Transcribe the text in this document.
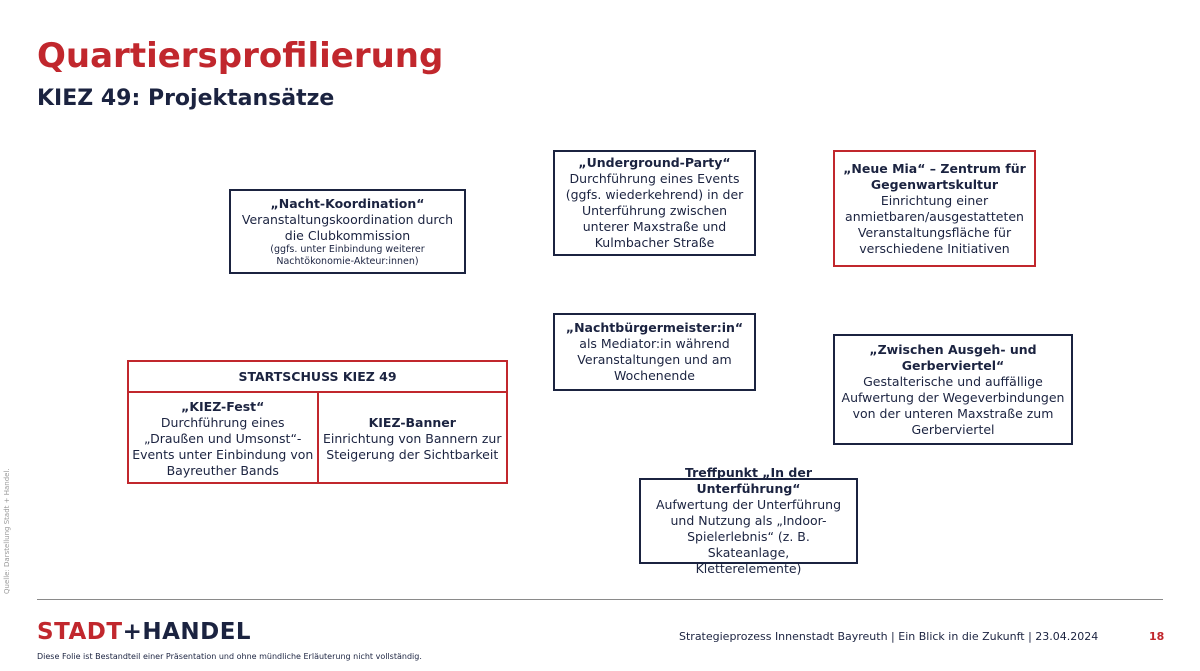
Quartiersprofilierung
KIEZ 49: Projektansätze
Quelle: Darstellung Stadt + Handel.
„Nacht-Koordination“
Veranstaltungskoordination durch
die Clubkommission
(ggfs. unter Einbindung weiterer
Nachtökonomie-Akteur:innen)
„Underground-Party“
Durchführung eines Events
(ggfs. wiederkehrend) in der
Unterführung zwischen
unterer Maxstraße und
Kulmbacher Straße
„Neue Mia“ – Zentrum für
Gegenwartskultur
Einrichtung einer
anmietbaren/ausgestatteten
Veranstaltungsfläche für
verschiedene Initiativen
„Nachtbürgermeister:in“
als Mediator:in während
Veranstaltungen und am
Wochenende
„Zwischen Ausgeh- und
Gerberviertel“
Gestalterische und auffällige
Aufwertung der Wegeverbindungen
von der unteren Maxstraße zum
Gerberviertel
Treffpunkt „In der Unterführung“
Aufwertung der Unterführung
und Nutzung als „Indoor-
Spielerlebnis“ (z. B. Skateanlage,
Kletterelemente)
STARTSCHUSS KIEZ 49
„KIEZ-Fest“
Durchführung eines
„Draußen und Umsonst“-
Events unter Einbindung von
Bayreuther Bands
KIEZ-Banner
Einrichtung von Bannern zur
Steigerung der Sichtbarkeit
STADT+HANDEL
Diese Folie ist Bestandteil einer Präsentation und ohne mündliche Erläuterung nicht vollständig.
Strategieprozess Innenstadt Bayreuth | Ein Blick in die Zukunft | 23.04.2024	18
